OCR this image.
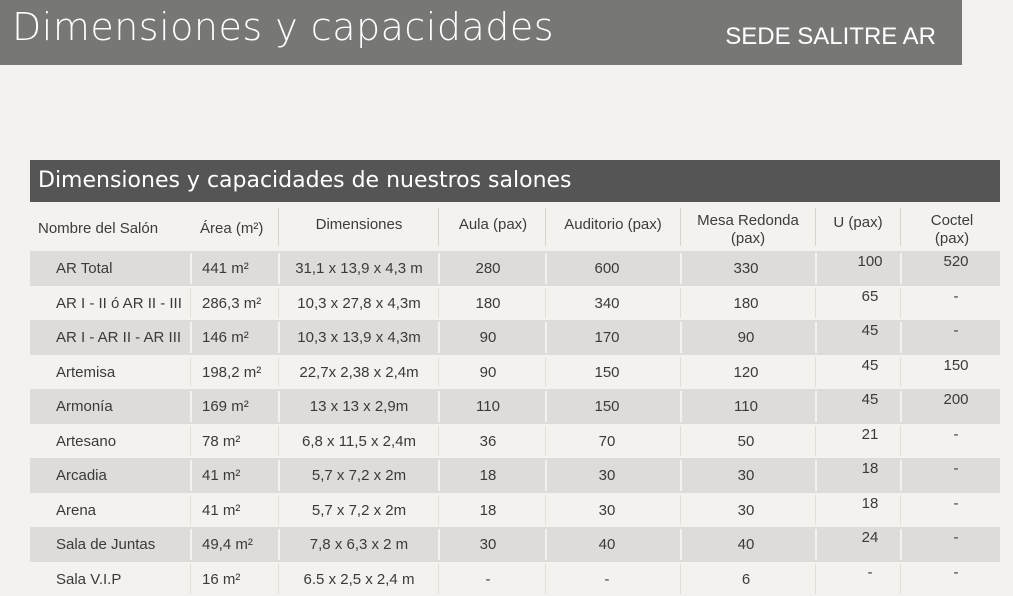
Dimensiones y capacidades	SEDE SALITRE AR
Dimensiones y capacidades de nuestros salones
Nombre del Salón	Área (m²)	Dimensiones	Aula (pax)	Auditorio (pax)	Mesa Redonda
(pax)
U (pax)	Coctel
(pax)
AR Total	441 m²	31,1 x 13,9 x 4,3 m	280	600	330	100	520
AR I - II ó AR II - III 286,3 m²	10,3 x 27,8 x 4,3m	180	340	180	65	-
AR I - AR II - AR III 146 m²	10,3 x 13,9 x 4,3m	90	170	90	45	-
Artemisa	198,2 m²	22,7x 2,38 x 2,4m	90	150	120	45	150
Armonía	169 m²	13 x 13 x 2,9m	110	150	110	45	200
Artesano	78 m²	6,8 x 11,5 x 2,4m	36	70	50	21	-
Arcadia	41 m²	5,7 x 7,2 x 2m	18	30	30	18	-
Arena	41 m²	5,7 x 7,2 x 2m	18	30	30	18	-
Sala de Juntas	49,4 m²	7,8 x 6,3 x 2 m	30	40	40	24	-
Sala V.I.P	16 m²	6.5 x 2,5 x 2,4 m	-	-	6	-	-
